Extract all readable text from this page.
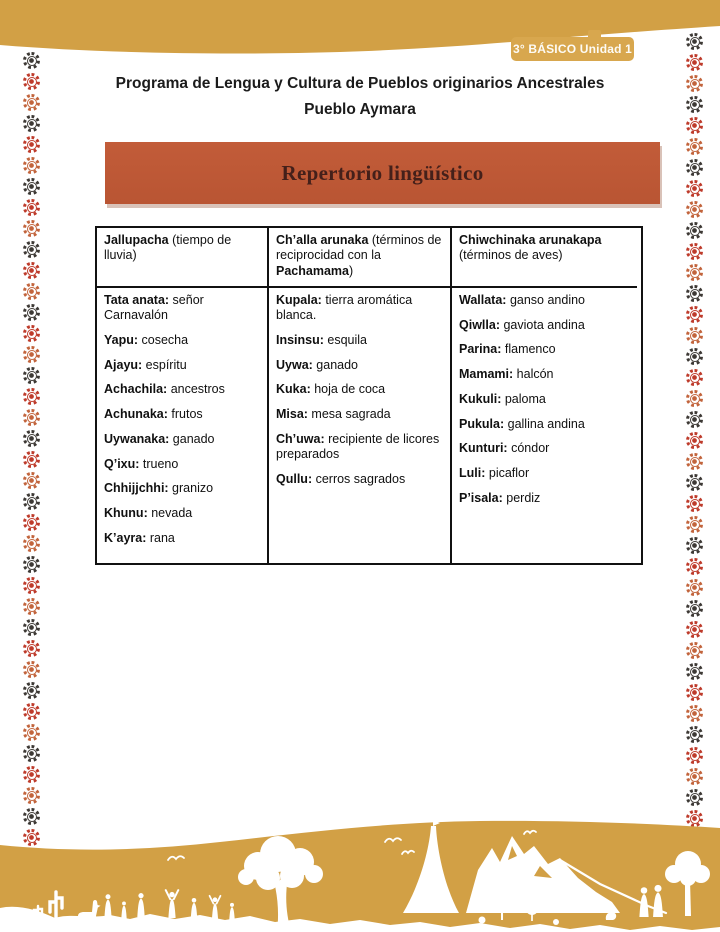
3° BÁSICO Unidad 1
Programa de Lengua y Cultura de Pueblos originarios Ancestrales
Pueblo Aymara
Repertorio lingüístico
Jallupacha (tiempo de lluvia)
Ch’alla arunaka (términos de reciprocidad con la Pachamama)
Chiwchinaka arunakapa (términos de aves)

Tata anata: señor Carnavalón

Yapu: cosecha

Ajayu: espíritu

Achachila: ancestros

Achunaka: frutos

Uywanaka: ganado

Q’ixu: trueno

Chhijjchhi: granizo

Khunu: nevada

K’ayra: rana

Kupala: tierra aromática blanca.

Insinsu: esquila

Uywa: ganado

Kuka: hoja de coca

Misa: mesa sagrada

Ch’uwa: recipiente de licores preparados

Qullu: cerros sagrados

Wallata: ganso andino

Qiwlla: gaviota andina

Parina: flamenco

Mamami: halcón

Kukuli: paloma

Pukula: gallina andina

Kunturi: cóndor

Luli: picaflor

P’isala: perdiz
